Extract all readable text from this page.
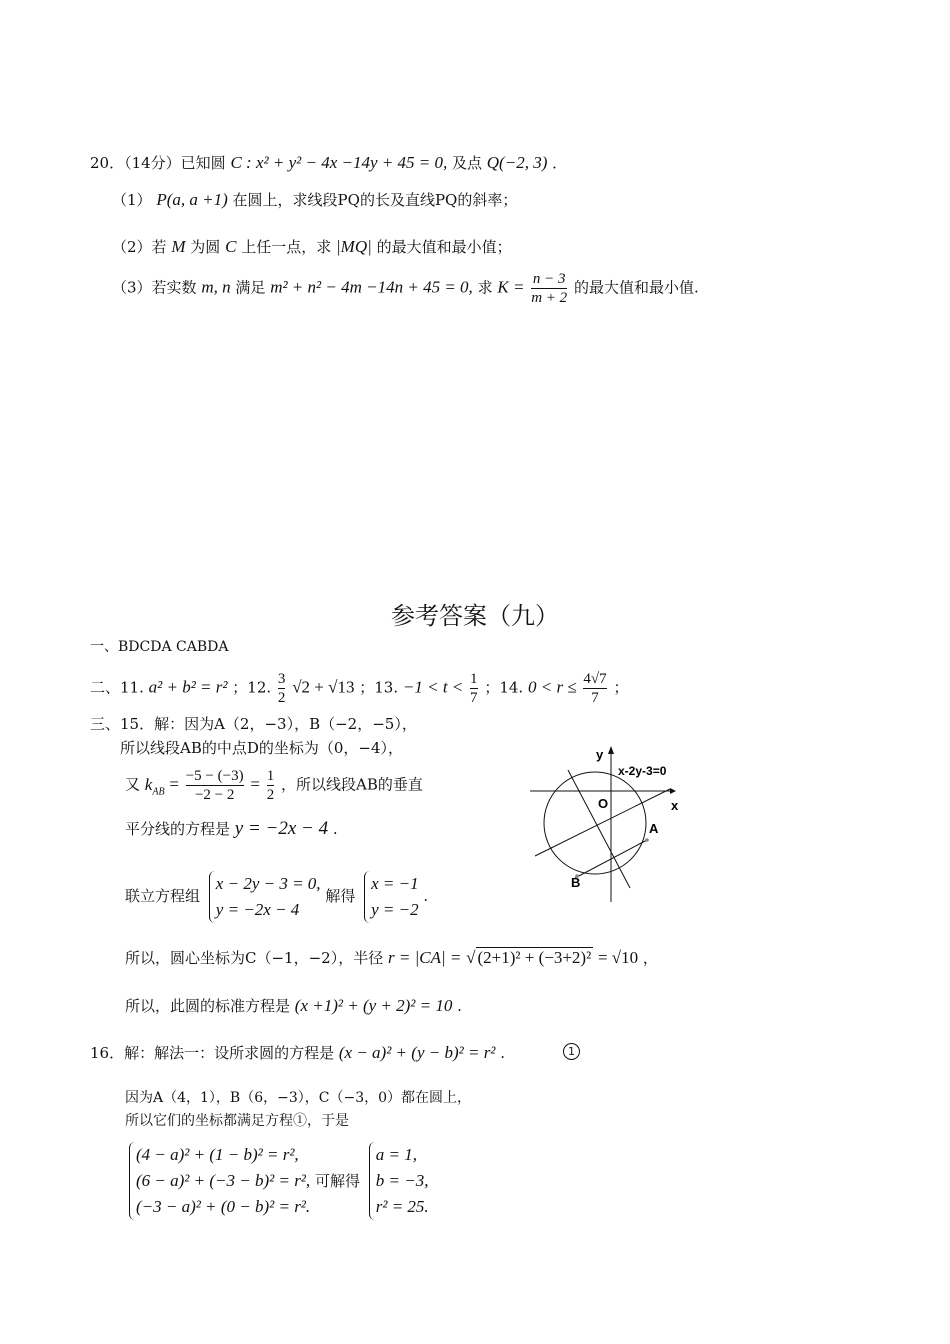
20．（14分）已知圆 C : x² + y² − 4x −14y + 45 = 0, 及点 Q(−2, 3) ．
（1） P(a, a +1) 在圆上，求线段PQ的长及直线PQ的斜率；
（2）若 M 为圆 C 上任一点，求 |MQ| 的最大值和最小值；
（3）若实数 m, n 满足 m² + n² − 4m −14n + 45 = 0, 求 $K = \frac{n - 3}{m + 2}$ 的最大值和最小值.
参考答案（九）
一、BDCDA CABDA
二、11. a² + b² = r² ；12. $\frac{3}{2} √2 + √13$ ；13. $-1 < t < \frac{1}{7}$ ；14. $0 < r \le \frac{4√7}{7}$ ；
三、15．解：因为A（2，−3），B（−2，−5），
所以线段AB的中点D的坐标为（0，−4），
又 $k_{AB} = \frac{-5 - (-3)}{-2 - 2} = \frac{1}{2}$ ，所以线段AB的垂直
平分线的方程是 y = −2x − 4 .
联立方程组
x − 2y − 3 = 0,
y = −2x − 4
解得
x = −1
y = −2
.
所以，圆心坐标为C（−1，−2），半径 r = |CA| = √ (2+1)² + (−3+2)² = √10 ，
所以，此圆的标准方程是 (x +1)² + (y + 2)² = 10 .
y
x
x-2y-3=0
O
A
B
16．解：解法一：设所求圆的方程是 (x − a)² + (y − b)² = r² .	1
因为A（4，1），B（6，−3），C（−3，0）都在圆上，
所以它们的坐标都满足方程①，于是
(4 − a)² + (1 − b)² = r²,
(6 − a)² + (−3 − b)² = r²,
(−3 − a)² + (0 − b)² = r².
可解得
a = 1,
b = −3,
r² = 25.
